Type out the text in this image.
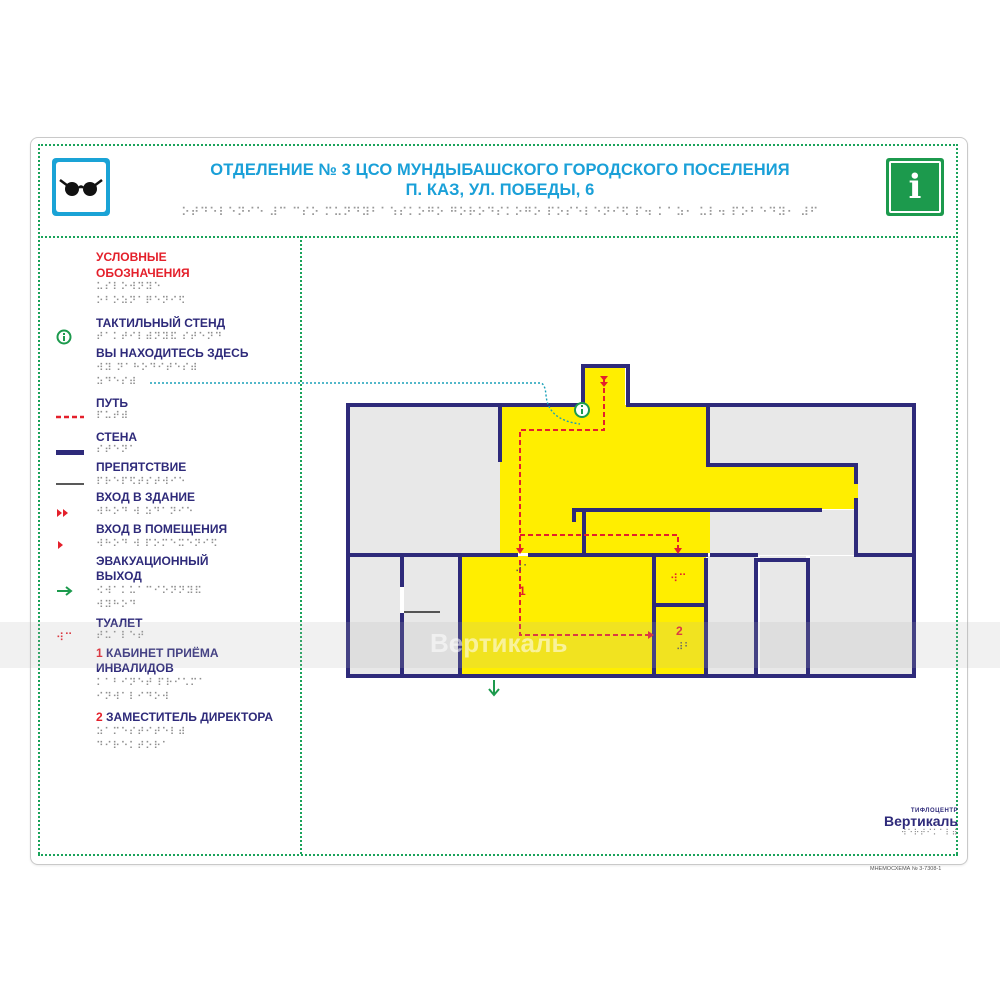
i
ОТДЕЛЕНИЕ № 3 ЦСО МУНДЫБАШСКОГО ГОРОДСКОГО ПОСЕЛЕНИЯ
П. КАЗ, УЛ. ПОБЕДЫ, 6
⠕⠞⠙⠑⠇⠑⠝⠊⠑ ⠼⠉ ⠉⠎⠕ ⠍⠥⠝⠙⠽⠃⠁⠱⠎⠅⠕⠛⠕ ⠛⠕⠗⠕⠙⠎⠅⠕⠛⠕ ⠏⠕⠎⠑⠇⠑⠝⠊⠫ ⠏⠲ ⠅⠁⠵⠂ ⠥⠇⠲ ⠏⠕⠃⠑⠙⠽⠂ ⠼⠋
УСЛОВНЫЕ
ОБОЗНАЧЕНИЯ
⠥⠎⠇⠕⠺⠝⠽⠑
⠕⠃⠕⠵⠝⠁⠟⠑⠝⠊⠫
ТАКТИЛЬНЫЙ СТЕНД
⠞⠁⠅⠞⠊⠇⠾⠝⠽⠯ ⠎⠞⠑⠝⠙
ВЫ НАХОДИТЕСЬ ЗДЕСЬ
⠺⠽ ⠝⠁⠓⠕⠙⠊⠞⠑⠎⠾
⠵⠙⠑⠎⠾
ПУТЬ
⠏⠥⠞⠾
СТЕНА
⠎⠞⠑⠝⠁
ПРЕПЯТСТВИЕ
⠏⠗⠑⠏⠫⠞⠎⠞⠺⠊⠑
ВХОД В ЗДАНИЕ
⠺⠓⠕⠙ ⠺ ⠵⠙⠁⠝⠊⠑
ВХОД В ПОМЕЩЕНИЯ
⠺⠓⠕⠙ ⠺ ⠏⠕⠍⠑⠭⠑⠝⠊⠫
ЭВАКУАЦИОННЫЙ
ВЫХОД
⠪⠺⠁⠅⠥⠁⠉⠊⠕⠝⠝⠽⠯
⠺⠽⠓⠕⠙
⠺⠉
ТУАЛЕТ
⠞⠥⠁⠇⠑⠞
1 КАБИНЕТ ПРИЁМА
ИНВАЛИДОВ
⠅⠁⠃⠊⠝⠑⠞ ⠏⠗⠊⠡⠍⠁
⠊⠝⠺⠁⠇⠊⠙⠕⠺
2 ЗАМЕСТИТЕЛЬ ДИРЕКТОРА
⠵⠁⠍⠑⠎⠞⠊⠞⠑⠇⠾
⠙⠊⠗⠑⠅⠞⠕⠗⠁
1
⠼⠁
2
⠼⠃
⠺⠉
Вертикаль
ТИФЛОЦЕНТР
Вертикаль
⠺⠑⠗⠞⠊⠅⠁⠇⠾
МНЕМОСХЕМА № 3-7308-1
